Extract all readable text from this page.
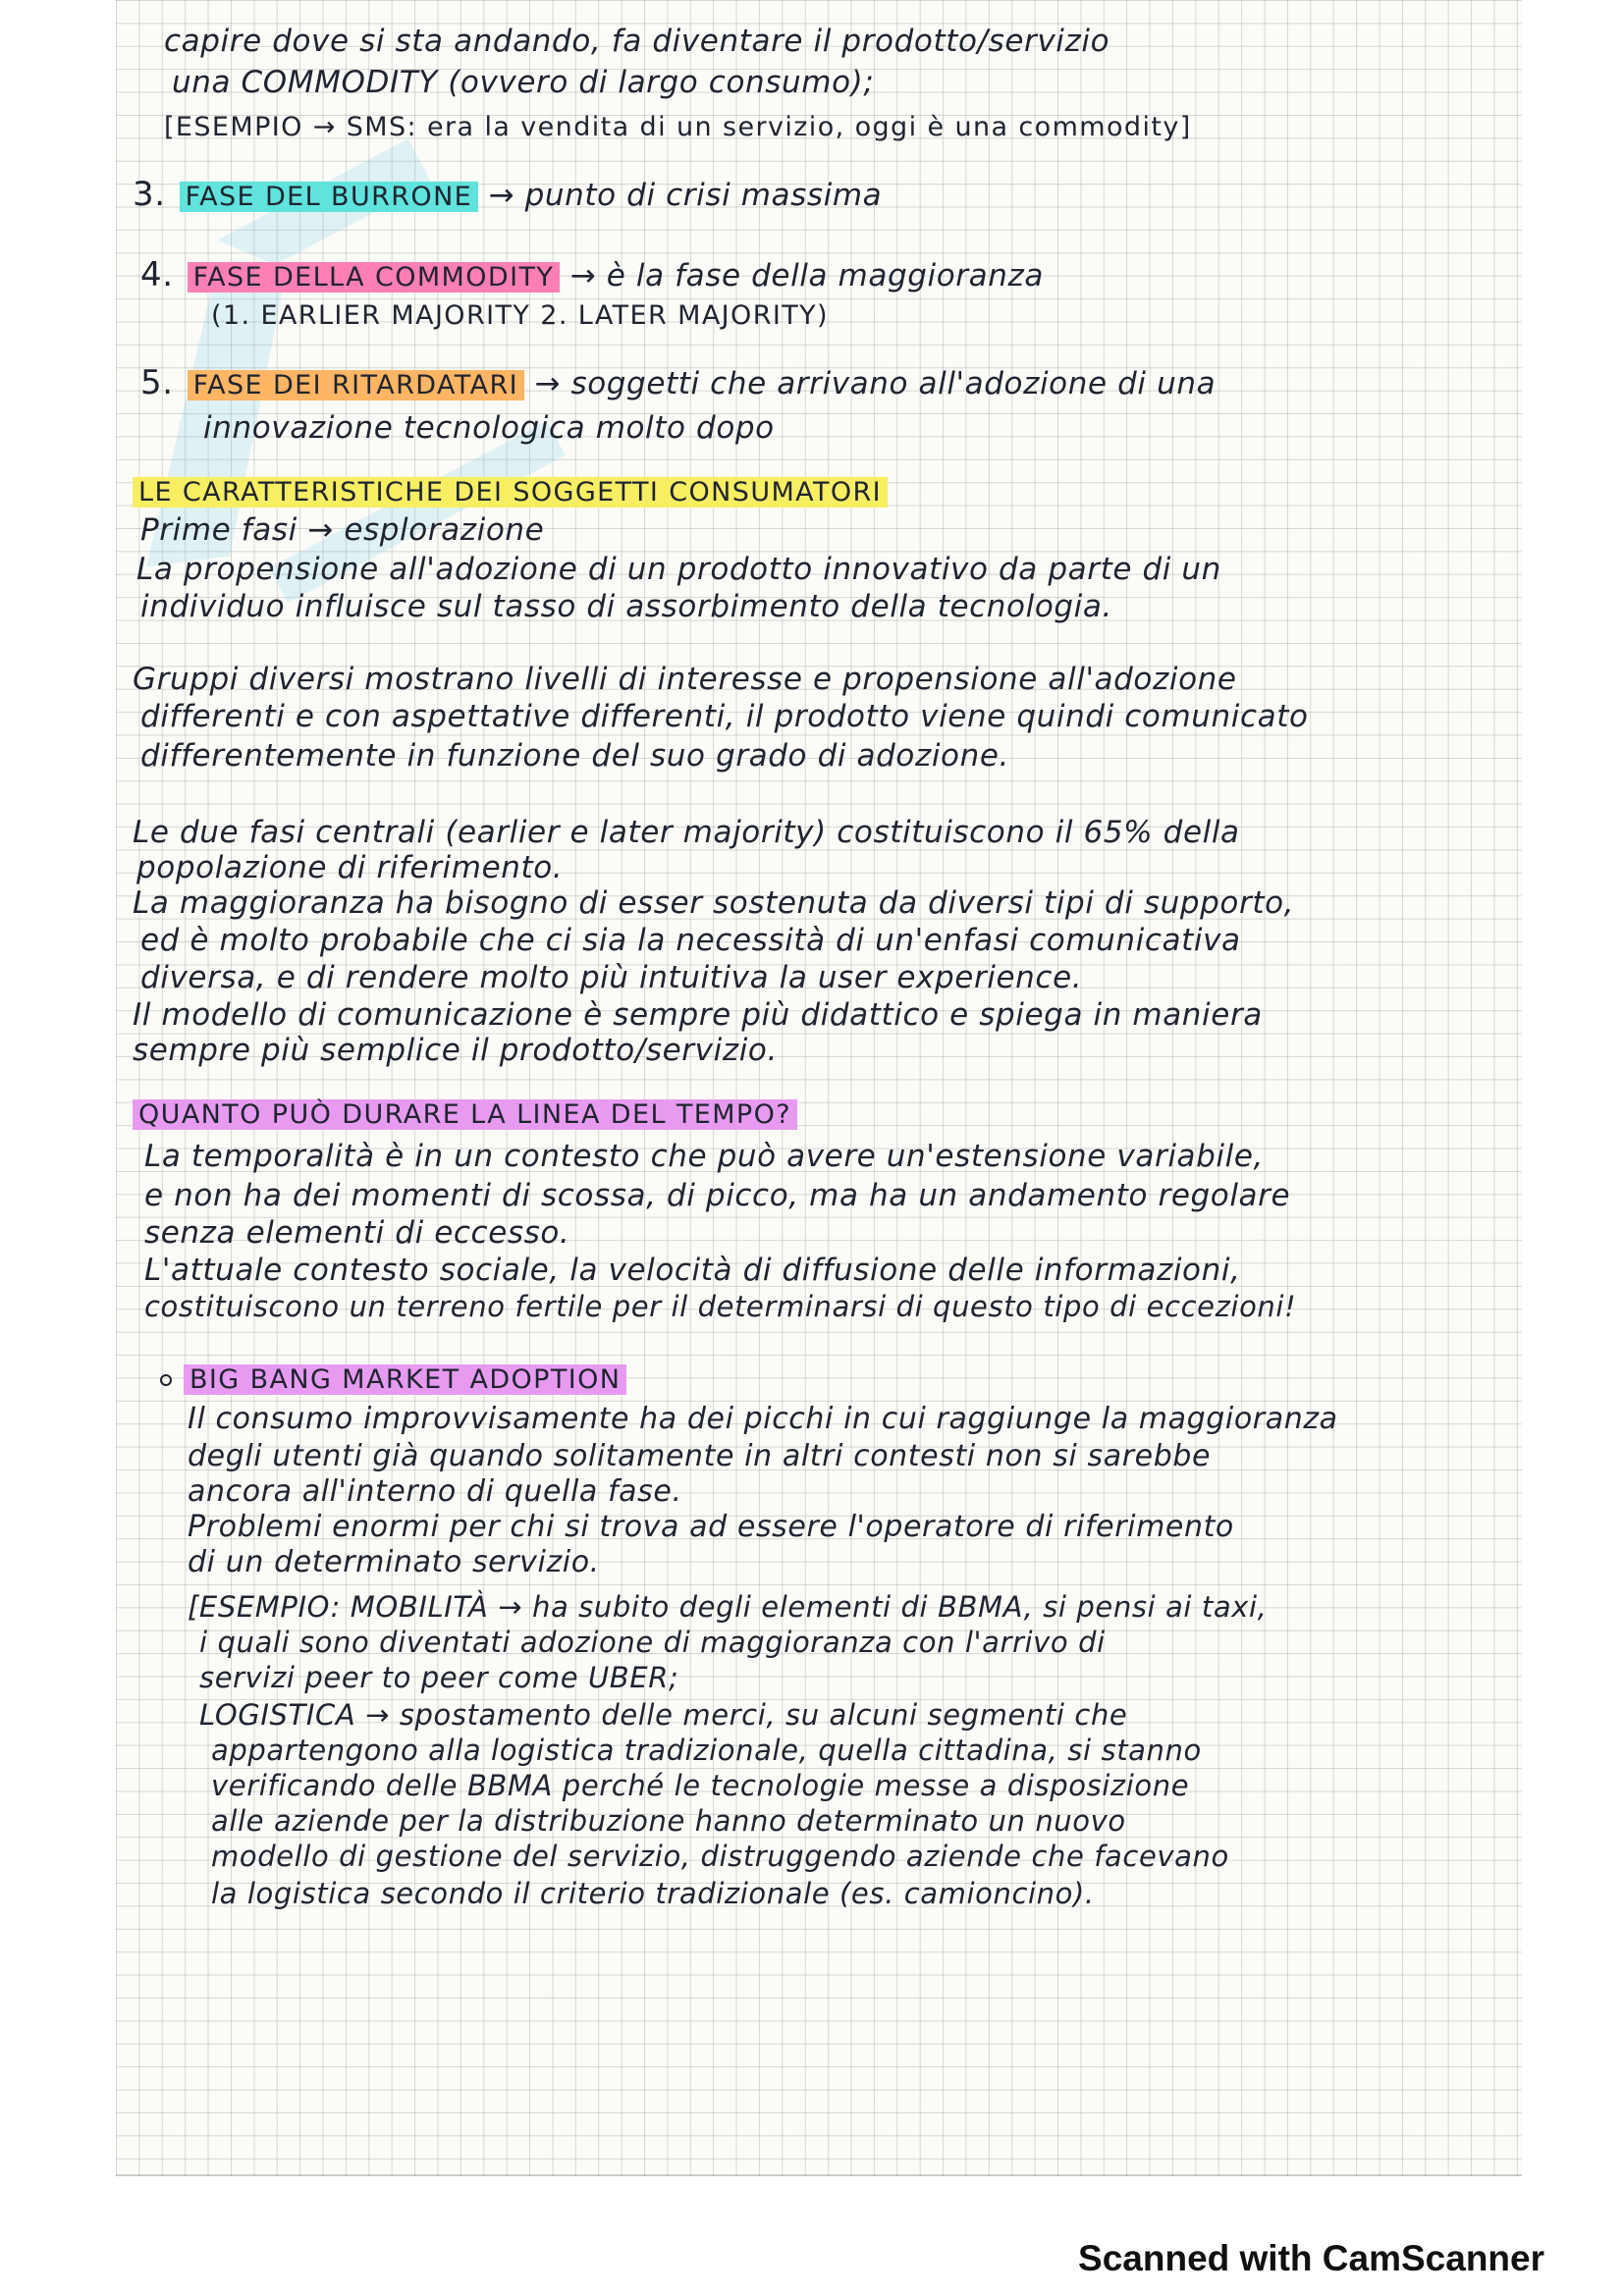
capire dove si sta andando, fa diventare il prodotto/servizio
una COMMODITY (ovvero di largo consumo);
[ESEMPIO → SMS: era la vendita di un servizio, oggi è una commodity]
3. FASE DEL BURRONE → punto di crisi massima
4. FASE DELLA COMMODITY → è la fase della maggioranza
(1. EARLIER MAJORITY 2. LATER MAJORITY)
5. FASE DEI RITARDATARI → soggetti che arrivano all'adozione di una
innovazione tecnologica molto dopo
LE CARATTERISTICHE DEI SOGGETTI CONSUMATORI
Prime fasi → esplorazione
La propensione all'adozione di un prodotto innovativo da parte di un
individuo influisce sul tasso di assorbimento della tecnologia.
Gruppi diversi mostrano livelli di interesse e propensione all'adozione
differenti e con aspettative differenti, il prodotto viene quindi comunicato
differentemente in funzione del suo grado di adozione.
Le due fasi centrali (earlier e later majority) costituiscono il 65% della
popolazione di riferimento.
La maggioranza ha bisogno di esser sostenuta da diversi tipi di supporto,
ed è molto probabile che ci sia la necessità di un'enfasi comunicativa
diversa, e di rendere molto più intuitiva la user experience.
Il modello di comunicazione è sempre più didattico e spiega in maniera
sempre più semplice il prodotto/servizio.
QUANTO PUÒ DURARE LA LINEA DEL TEMPO?
La temporalità è in un contesto che può avere un'estensione variabile,
e non ha dei momenti di scossa, di picco, ma ha un andamento regolare
senza elementi di eccesso.
L'attuale contesto sociale, la velocità di diffusione delle informazioni,
costituiscono un terreno fertile per il determinarsi di questo tipo di eccezioni!
BIG BANG MARKET ADOPTION
Il consumo improvvisamente ha dei picchi in cui raggiunge la maggioranza
degli utenti già quando solitamente in altri contesti non si sarebbe
ancora all'interno di quella fase.
Problemi enormi per chi si trova ad essere l'operatore di riferimento
di un determinato servizio.
[ESEMPIO: MOBILITÀ → ha subito degli elementi di BBMA, si pensi ai taxi,
i quali sono diventati adozione di maggioranza con l'arrivo di
servizi peer to peer come UBER;
LOGISTICA → spostamento delle merci, su alcuni segmenti che
appartengono alla logistica tradizionale, quella cittadina, si stanno
verificando delle BBMA perché le tecnologie messe a disposizione
alle aziende per la distribuzione hanno determinato un nuovo
modello di gestione del servizio, distruggendo aziende che facevano
la logistica secondo il criterio tradizionale (es. camioncino).
Scanned with CamScanner
